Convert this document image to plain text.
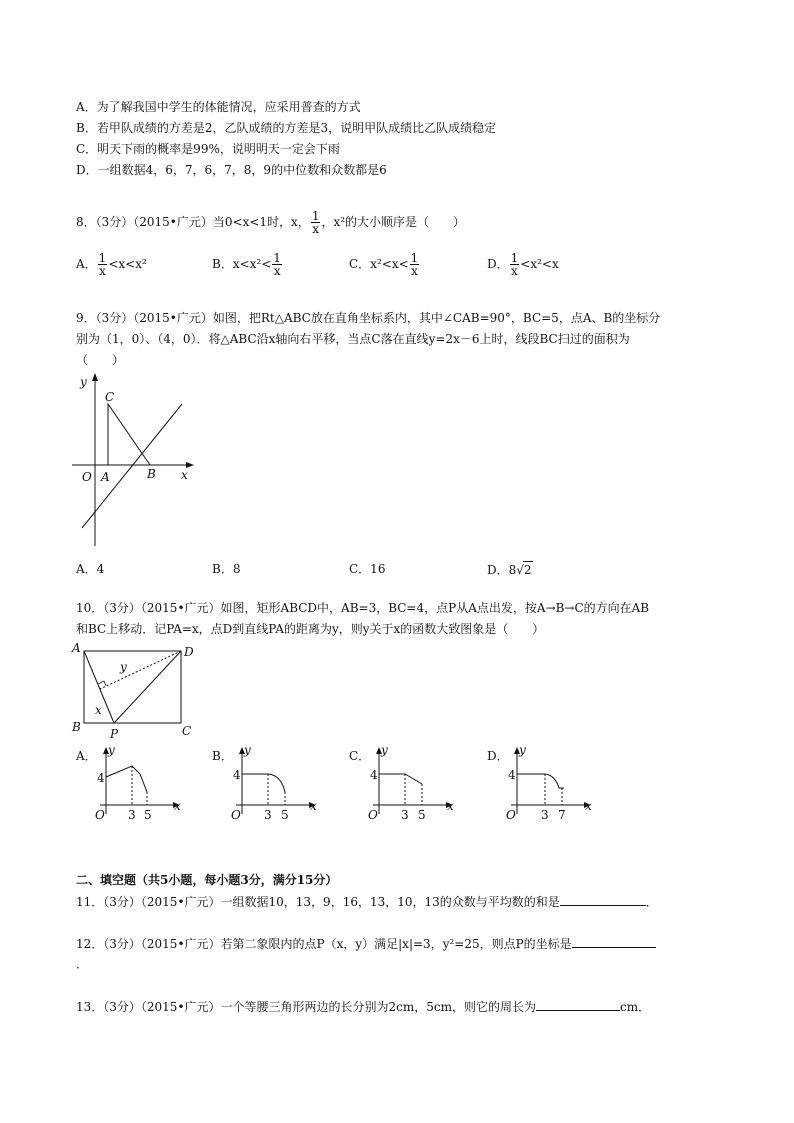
A．为了解我国中学生的体能情况，应采用普查的方式
B．若甲队成绩的方差是2，乙队成绩的方差是3，说明甲队成绩比乙队成绩稳定
C．明天下雨的概率是99%，说明明天一定会下雨
D．一组数据4，6，7，6，7，8，9的中位数和众数都是6
8．（3分）（2015•广元）当0<x<1时，x， $\frac{1}{x}$ ，x²的大小顺序是（　　）
A． $\frac{1}{x} <x<x^2$	B．$x<x^2< \frac{1}{x}$	C．$x^2<x< \frac{1}{x}$	D． $\frac{1}{x} <x^2<x$
9．（3分）（2015•广元）如图，把Rt△ABC放在直角坐标系内，其中∠CAB=90°，BC=5，点A、B的坐标分
别为（1，0）、（4，0）．将△ABC沿x轴向右平移，当点C落在直线y=2x－6上时，线段BC扫过的面积为
（　　）
y
C
O A	B x
A．4	B．8	C．16	D．8√2
10．（3分）（2015•广元）如图，矩形ABCD中，AB=3，BC=4，点P从A点出发，按A→B→C的方向在AB
和BC上移动．记PA=x，点D到直线PA的距离为y，则y关于x的函数大致图象是（　　）
A	D
y
x
B P	C
A． y
4
O 3 5
x
B． y
4
O 3 5
x
C． y
4
O 3 5
x
D． y
4
O 3 7
x
二、填空题（共5小题，每小题3分，满分15分）
11．（3分）（2015•广元）一组数据10，13，9，16，13，10，13的众数与平均数的和是	．
12．（3分）（2015•广元）若第二象限内的点P（x，y）满足|x|=3，y²=25，则点P的坐标是
．
13．（3分）（2015•广元）一个等腰三角形两边的长分别为2cm，5cm，则它的周长为	cm．
